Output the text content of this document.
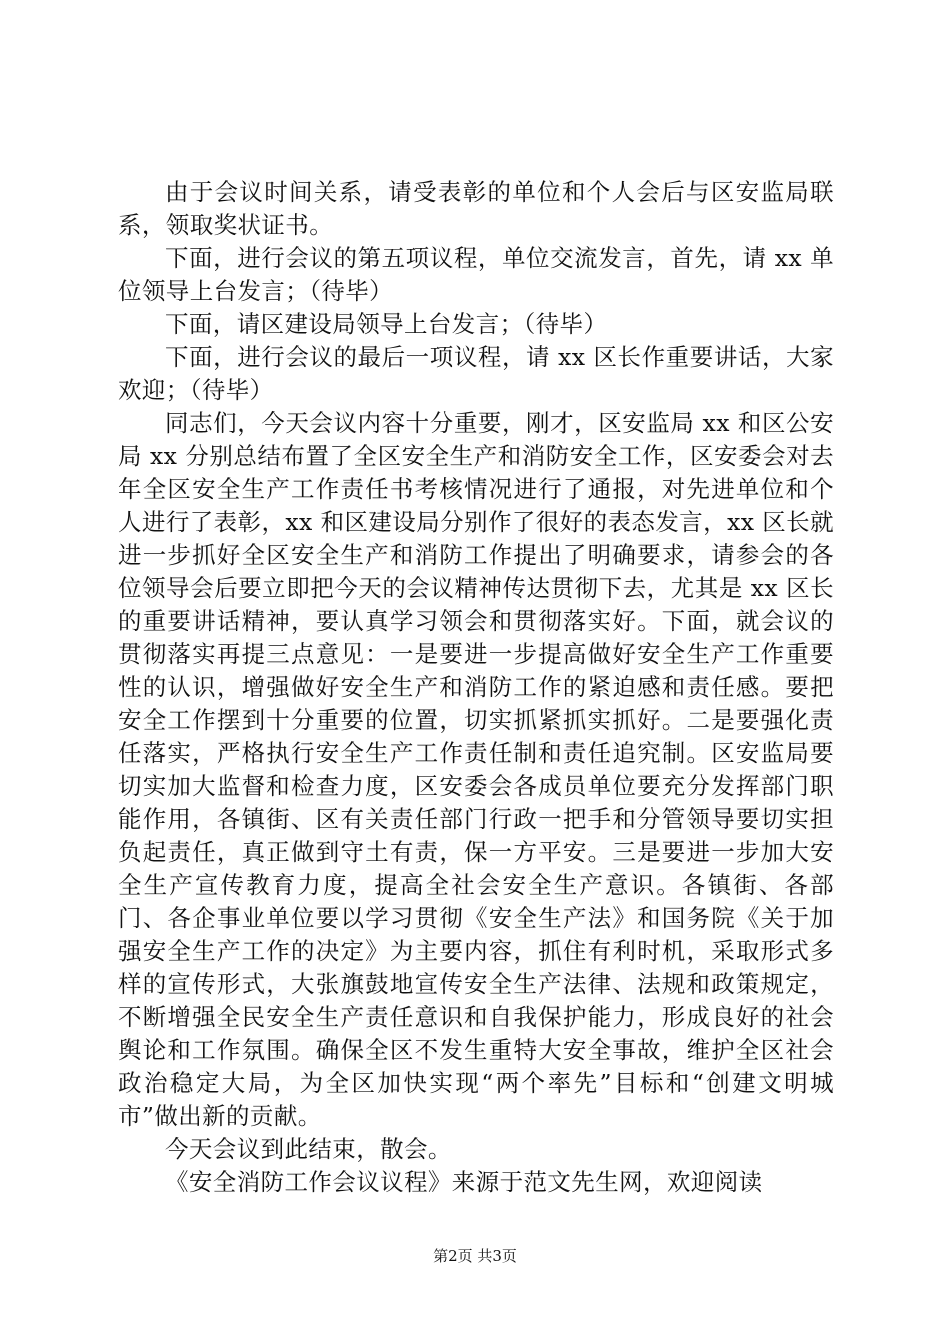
由于会议时间关系，请受表彰的单位和个人会后与区安监局联系，领取奖状证书。

下面，进行会议的第五项议程，单位交流发言，首先，请 xx 单位领导上台发言；（待毕）

下面，请区建设局领导上台发言；（待毕）

下面，进行会议的最后一项议程，请 xx 区长作重要讲话，大家欢迎；（待毕）

同志们，今天会议内容十分重要，刚才，区安监局 xx 和区公安局 xx 分别总结布置了全区安全生产和消防安全工作，区安委会对去年全区安全生产工作责任书考核情况进行了通报，对先进单位和个人进行了表彰，xx 和区建设局分别作了很好的表态发言，xx 区长就进一步抓好全区安全生产和消防工作提出了明确要求，请参会的各位领导会后要立即把今天的会议精神传达贯彻下去，尤其是 xx 区长的重要讲话精神，要认真学习领会和贯彻落实好。下面，就会议的贯彻落实再提三点意见：一是要进一步提高做好安全生产工作重要性的认识，增强做好安全生产和消防工作的紧迫感和责任感。要把安全工作摆到十分重要的位置，切实抓紧抓实抓好。二是要强化责任落实，严格执行安全生产工作责任制和责任追究制。区安监局要切实加大监督和检查力度，区安委会各成员单位要充分发挥部门职能作用，各镇街、区有关责任部门行政一把手和分管领导要切实担负起责任，真正做到守土有责，保一方平安。三是要进一步加大安全生产宣传教育力度，提高全社会安全生产意识。各镇街、各部门、各企事业单位要以学习贯彻《安全生产法》和国务院《关于加强安全生产工作的决定》为主要内容，抓住有利时机，采取形式多样的宣传形式，大张旗鼓地宣传安全生产法律、法规和政策规定，不断增强全民安全生产责任意识和自我保护能力，形成良好的社会舆论和工作氛围。确保全区不发生重特大安全事故，维护全区社会政治稳定大局，为全区加快实现“两个率先”目标和“创建文明城市”做出新的贡献。

今天会议到此结束，散会。

《安全消防工作会议议程》来源于范文先生网，欢迎阅读

第2页 共3页
